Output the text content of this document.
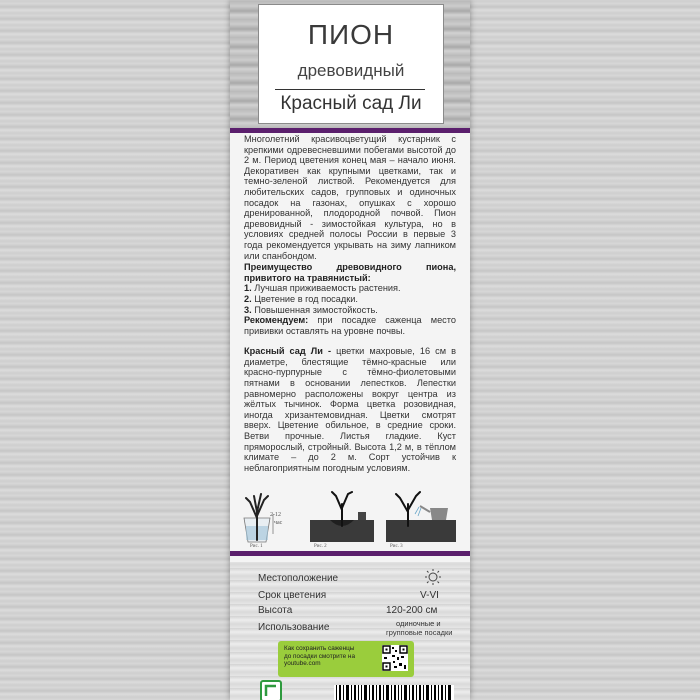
ПИОН
древовидный
Красный сад Ли

Многолетний красивоцветущий кустарник с крепкими одревесневшими побегами высотой до 2 м. Период цветения конец мая – начало июня. Декоративен как крупными цветками, так и темно-зеленой листвой. Рекомендуется для любительских садов, групповых и одиночных посадок на газонах, опушках с хорошо дренированной, плодородной почвой. Пион древовидный - зимостойкая культура, но в условиях средней полосы России в первые 3 года рекомендуется укрывать на зиму лапником или спанбондом.

Преимущество древовидного пиона, привитого на травянистый:

1. Лучшая приживаемость растения.

2. Цветение в год посадки.

3. Повышенная зимостойкость.

Рекомендуем: при посадке саженца место прививки оставлять на уровне почвы.

Красный сад Ли - цветки махровые, 16 см в диаметре, блестящие тёмно-красные или красно-пурпурные с тёмно-фиолетовыми пятнами в основании лепестков. Лепестки равномерно расположены вокруг центра из жёлтых тычинок. Форма цветка розовидная, иногда хризантемовидная. Цветки смотрят вверх. Цветение обильное, в средние сроки. Ветви прочные. Листья гладкие. Куст пряморослый, стройный. Высота 1,2 м, в тёплом климате – до 2 м. Сорт устойчив к неблагоприятным погодным условиям.

Рис. 1
2-12
час
Рис. 2	Рис. 3
Местоположение
Срок цветения	V-VI
Высота	120-200 см
Использование	одиночные и
групповые посадки
Как сохранить саженцы
до посадки смотрите на
youtube.com
